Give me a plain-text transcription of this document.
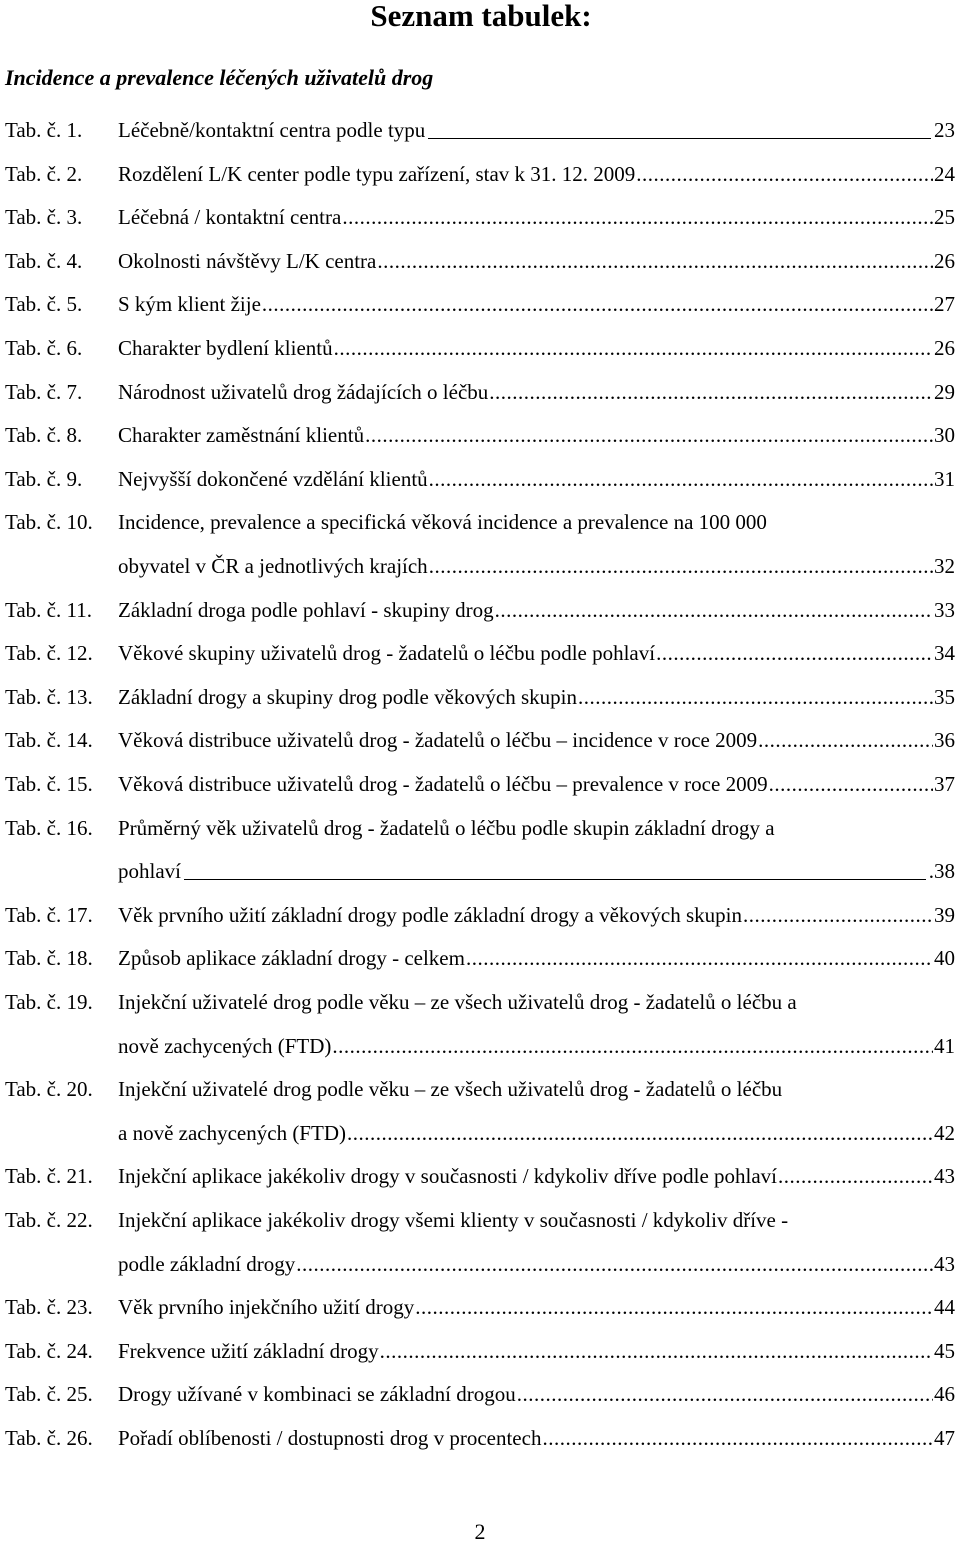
Seznam tabulek:
Incidence a prevalence léčených uživatelů drog
Tab. č. 1. Léčebně/kontaktní centra podle typu	23
Tab. č. 2. Rozdělení L/K center podle typu zařízení, stav k 31. 12. 2009 .....	24
Tab. č. 3. Léčebná / kontaktní centra .....	25
Tab. č. 4. Okolnosti návštěvy L/K centra .....	26
Tab. č. 5. S kým klient žije .....	27
Tab. č. 6. Charakter bydlení klientů .....	26
Tab. č. 7. Národnost uživatelů drog žádajících o léčbu .....	29
Tab. č. 8. Charakter zaměstnání klientů .....	30
Tab. č. 9. Nejvyšší dokončené vzdělání klientů .....	31
Tab. č. 10. Incidence, prevalence a specifická věková incidence a prevalence na 100 000
obyvatel v ČR a jednotlivých krajích .....	32
Tab. č. 11. Základní droga podle pohlaví - skupiny drog .....	33
Tab. č. 12. Věkové skupiny uživatelů drog - žadatelů o léčbu podle pohlaví .....	34
Tab. č. 13. Základní drogy a skupiny drog podle věkových skupin .....	35
Tab. č. 14. Věková distribuce uživatelů drog - žadatelů o léčbu – incidence v roce 2009 .....	36
Tab. č. 15. Věková distribuce uživatelů drog - žadatelů o léčbu – prevalence v roce 2009 .....	37
Tab. č. 16. Průměrný věk uživatelů drog - žadatelů o léčbu podle skupin základní drogy a
pohlaví	.38
Tab. č. 17. Věk prvního užití základní drogy podle základní drogy a věkových skupin .....	39
Tab. č. 18. Způsob aplikace základní drogy - celkem .....	40
Tab. č. 19. Injekční uživatelé drog podle věku – ze všech uživatelů drog - žadatelů o léčbu a
nově zachycených (FTD) .....	41
Tab. č. 20. Injekční uživatelé drog podle věku – ze všech uživatelů drog - žadatelů o léčbu
a nově zachycených (FTD) .....	42
Tab. č. 21. Injekční aplikace jakékoliv drogy v současnosti / kdykoliv dříve podle pohlaví .....	43
Tab. č. 22. Injekční aplikace jakékoliv drogy všemi klienty v současnosti / kdykoliv dříve -
podle základní drogy .....	43
Tab. č. 23. Věk prvního injekčního užití drogy .....	44
Tab. č. 24. Frekvence užití základní drogy .....	45
Tab. č. 25. Drogy užívané v kombinaci se základní drogou .....	46
Tab. č. 26. Pořadí oblíbenosti / dostupnosti drog v procentech .....	47
2
